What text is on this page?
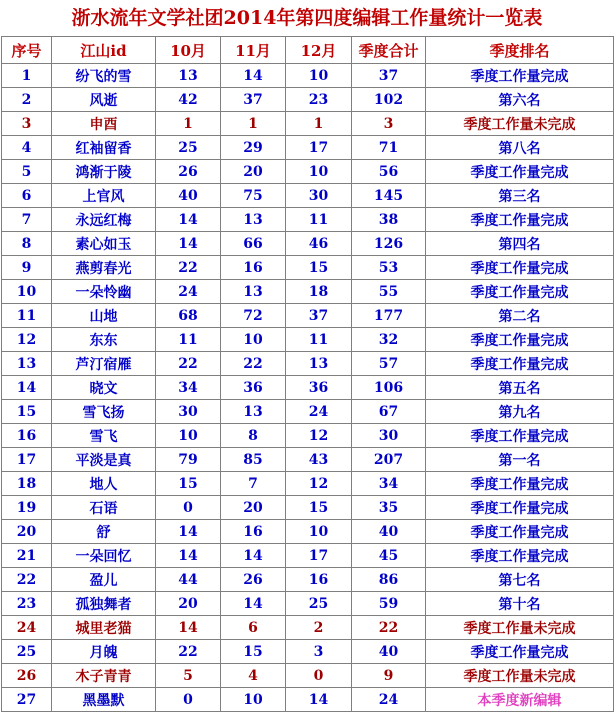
浙水流年文学社团2014年第四度编辑工作量统计一览表
序号	江山id	10月	11月	12月	季度合计	季度排名
1	纷飞的雪	13	14	10	37	季度工作量完成
2	风逝	42	37	23	102	第六名
3	申酉	1	1	1	3	季度工作量未完成
4	红袖留香	25	29	17	71	第八名
5	鸿渐于陵	26	20	10	56	季度工作量完成
6	上官风	40	75	30	145	第三名
7	永远红梅	14	13	11	38	季度工作量完成
8	素心如玉	14	66	46	126	第四名
9	燕剪春光	22	16	15	53	季度工作量完成
10	一朵怜幽	24	13	18	55	季度工作量完成
11	山地	68	72	37	177	第二名
12	东东	11	10	11	32	季度工作量完成
13	芦汀宿雁	22	22	13	57	季度工作量完成
14	晓文	34	36	36	106	第五名
15	雪飞扬	30	13	24	67	第九名
16	雪飞	10	8	12	30	季度工作量完成
17	平淡是真	79	85	43	207	第一名
18	地人	15	7	12	34	季度工作量完成
19	石语	0	20	15	35	季度工作量完成
20	舒	14	16	10	40	季度工作量完成
21	一朵回忆	14	14	17	45	季度工作量完成
22	盈儿	44	26	16	86	第七名
23	孤独舞者	20	14	25	59	第十名
24	城里老猫	14	6	2	22	季度工作量未完成
25	月魄	22	15	3	40	季度工作量完成
26	木子青青	5	4	0	9	季度工作量未完成
27	黑墨默	0	10	14	24	本季度新编辑
